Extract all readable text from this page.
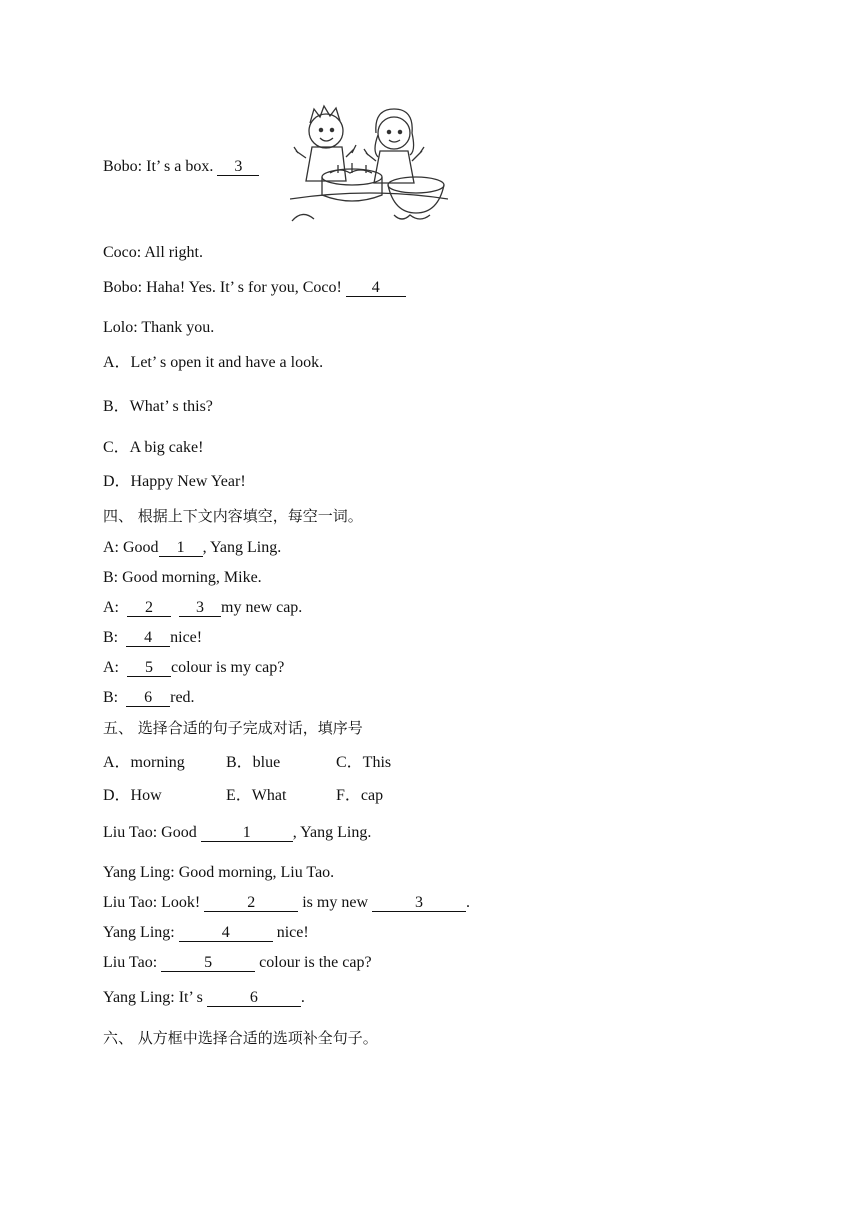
Bobo: It’ s a box. 3
Coco: All right.
Bobo: Haha! Yes. It’ s for you, Coco! 4
Lolo: Thank you.
A．Let’ s open it and have a look.
B．What’ s this?
C．A big cake!
D．Happy New Year!
四、 根据上下文内容填空，每空一词。
A: Good 1 , Yang Ling.
B: Good morning, Mike.
A:  2	3 my new cap.
B:  4 nice!
A:  5 colour is my cap?
B:  6 red.
五、 选择合适的句子完成对话，填序号
A．morning	B．blue	C．This
D．How	E．What	F．cap
Liu Tao: Good	1	, Yang Ling.
Yang Ling: Good morning, Liu Tao.
Liu Tao: Look!	2	is my new	3	.
Yang Ling:	4	nice!
Liu Tao:	5	colour is the cap?
Yang Ling: It’ s	6	.
六、 从方框中选择合适的选项补全句子。
